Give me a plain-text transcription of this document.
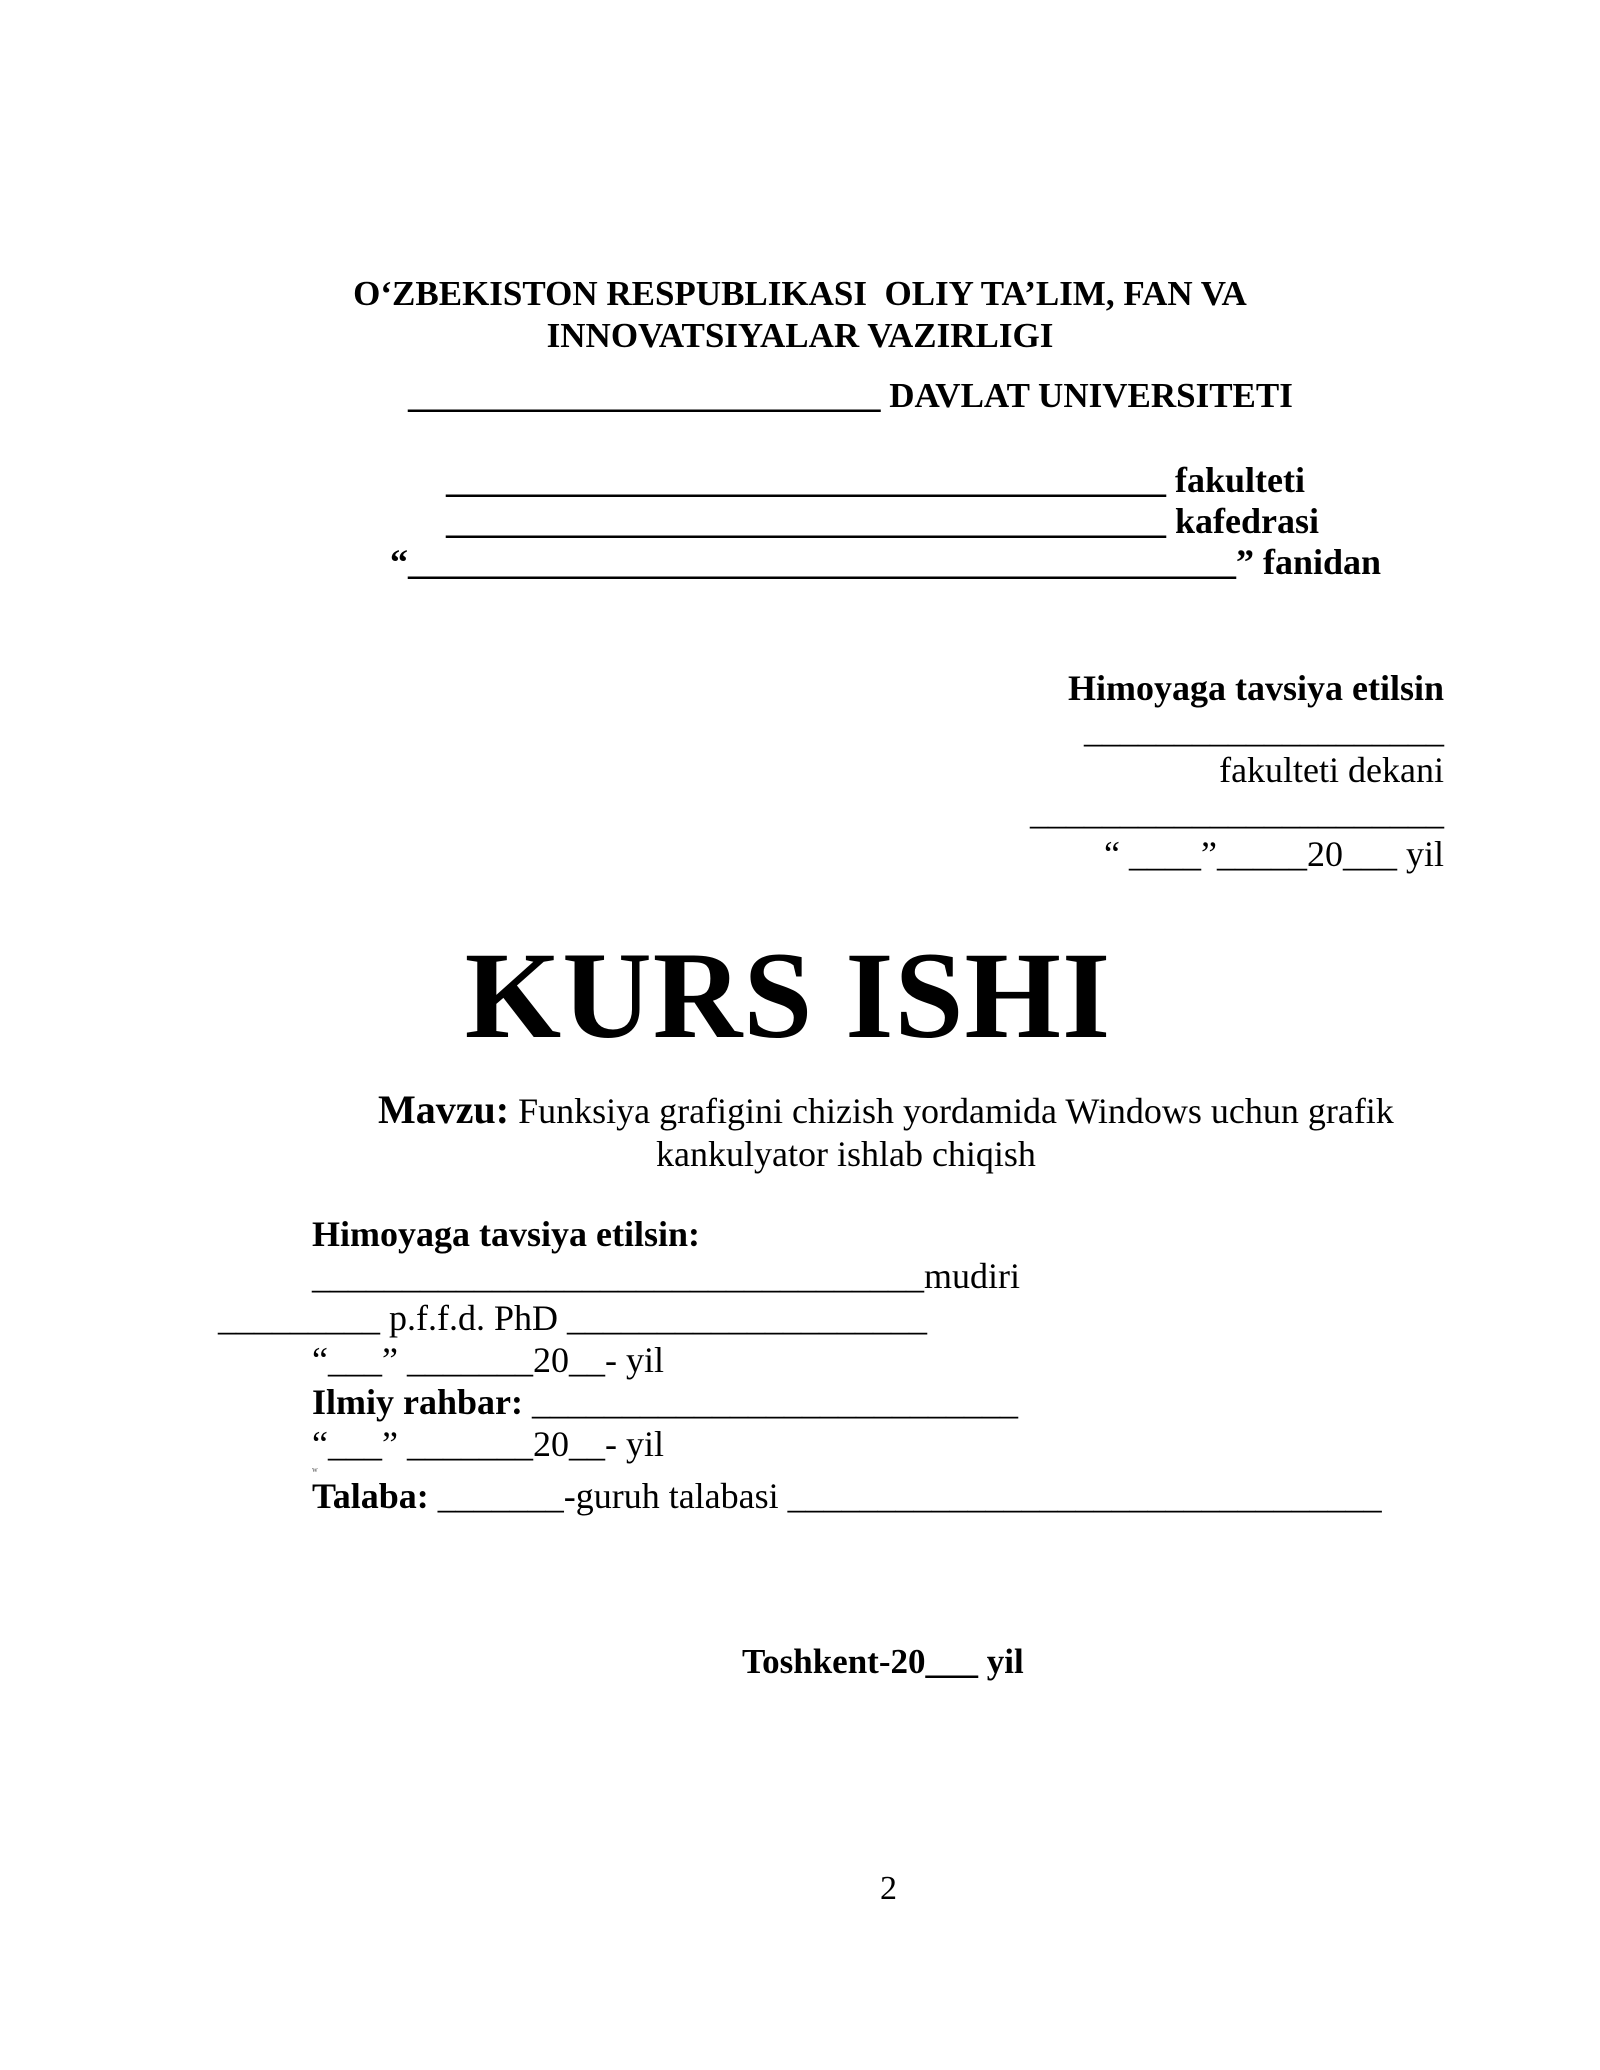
O‘ZBEKISTON RESPUBLIKASI  OLIY TA’LIM, FAN VA
INNOVATSIYALAR VAZIRLIGI
___________________________ DAVLAT UNIVERSITETI
________________________________________ fakulteti
________________________________________ kafedrasi
“______________________________________________” fanidan
Himoyaga tavsiya etilsin
____________________
fakulteti dekani
_______________________
“ ____”_____20___ yil
KURS ISHI
Mavzu: Funksiya grafigini chizish yordamida Windows uchun grafik
kankulyator ishlab chiqish
Himoyaga tavsiya etilsin:
__________________________________mudiri
_________ p.f.f.d. PhD ____________________
“___” _______20__- yil
Ilmiy rahbar: ___________________________
“___” _______20__- yil
w
Talaba: _______-guruh talabasi _________________________________
Toshkent-20___ yil
2
